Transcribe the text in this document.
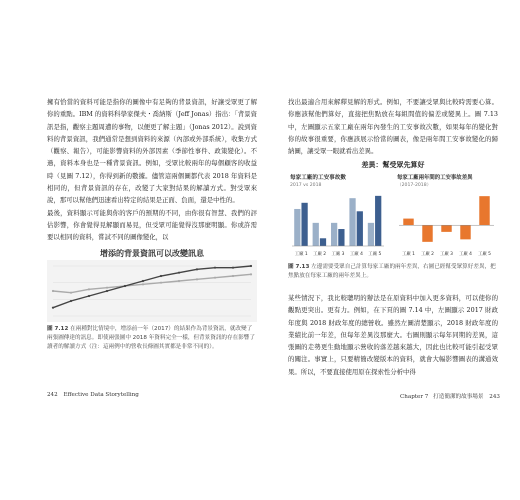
擁有恰當的資料可能是指你的圖像中有足夠的背景資訊，好讓受眾更了解你的重點。IBM 的資料科學家傑夫・喬納斯（Jeff Jonas）指出：「背景資訊是指，觀察主題周遭的事物，以便更了解主題」（Jonas 2012）。說到資料的背景資訊，我們通常是想到資料的來源（內部或外部系統），收集方式（觀察、報告），可能影響資料的外部因素（季節性事件、政策變化）。不過，資料本身也是一種背景資訊。例如，受眾比較兩年的每個顧客的收益時（見圖 7.12），你得到新的數據。儘管這兩個圖都代表 2018 年資料是相同的，但背景資訊的存在，改變了大家對結果的解讀方式。對受眾來說，那可以幫他們迅速看出特定的結果是正面、負面，還是中性的。

最後，資料顯示可能與你的客戶的預期的不同，由你很有智慧、我們的評估影響，你會覺得見解顯而易見，但受眾可能覺得沒那麼明顯。你或許需要以相同的資料，嘗試不同的圖像變化，以

增添的背景資訊可以改變訊息
圖 7.12 在兩種對比情境中，增添前一年（2017）的結果作為背景資訊，就改變了兩張圖傳達的訊息。即使兩張圖中 2018 年資料完全一樣，但背景資訊的存在影響了讀者的解讀方式（注：這兩例中的營收長條圖其實都是非常不同的）。
242 Effective Data Storytelling

找出最適合用來解釋見解的形式。例如，不要讓受眾與比較時需要心算。你應該幫他們算好，直接把焦點放在每組間值的偏差或變異上。圖 7.13 中，左圖顯示五家工廠在兩年內發生的工安事故次數，如果每年的變化對你的故事很重要，你應該展示恰當的圖表，像是兩年間工安事故變化的歸納圖，讓受眾一眼就看出差異。

差異：幫受眾先算好
每家工廠的工安事故數
2017 vs 2018
工廠 1 工廠 2 工廠 3 工廠 4 工廠 5
每家工廠兩年間的工安事故差異
（2017-2018）
工廠 1 工廠 2 工廠 3 工廠 4 工廠 5
圖 7.13 左邊需要受眾自己計算每家工廠的兩年差異，右圖已經幫受眾算好差異，把焦點放在每家工廠的兩年差異上。

某些情況下，我比較聰明的辦法是在原資料中加入更多資料，可以使你的觀點更突出。更有力。例如，在下頁的圖 7.14 中，左圖顯示 2017 財政年度與 2018 財政年度的總營收。雖然左圖清楚顯示，2018 財政年度的業績比前一年差，但每年差異沒那麼大。右圖則顯示每年同期的差異，這張圖的走勢更生動地顯示營收的落差越來越大，因此也比較可能引起受眾的關注。事實上，只要精簡改變版本的資料，就會大幅影響圖表的溝通效果。所以，不要直接使用原在探索性分析中得

Chapter 7 打造簡潔的故事場景 243
